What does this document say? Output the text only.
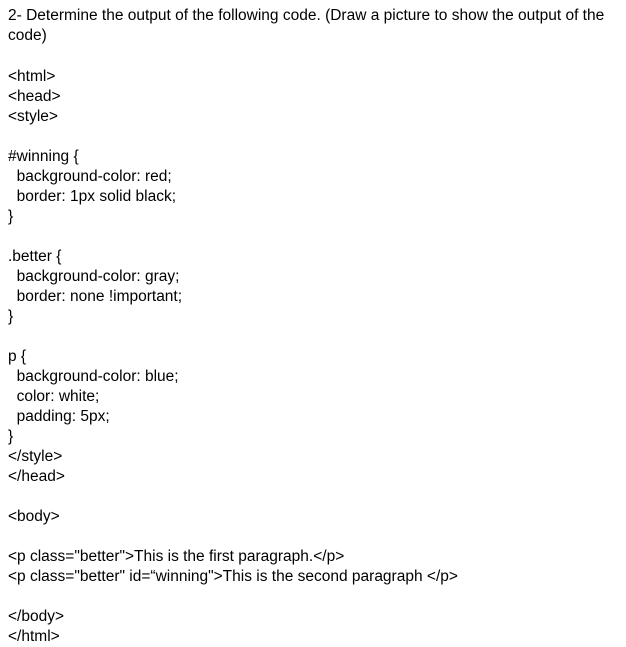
2- Determine the output of the following code. (Draw a picture to show the output of the code)
<html>
<head>
<style>
#winning {
background-color: red;
border: 1px solid black;
}
.better {
background-color: gray;
border: none !important;
}
p {
background-color: blue;
color: white;
padding: 5px;
}
</style>
</head>
<body>
<p class="better">This is the first paragraph.</p>
<p class="better" id=“winning">This is the second paragraph </p>
</body>
</html>
